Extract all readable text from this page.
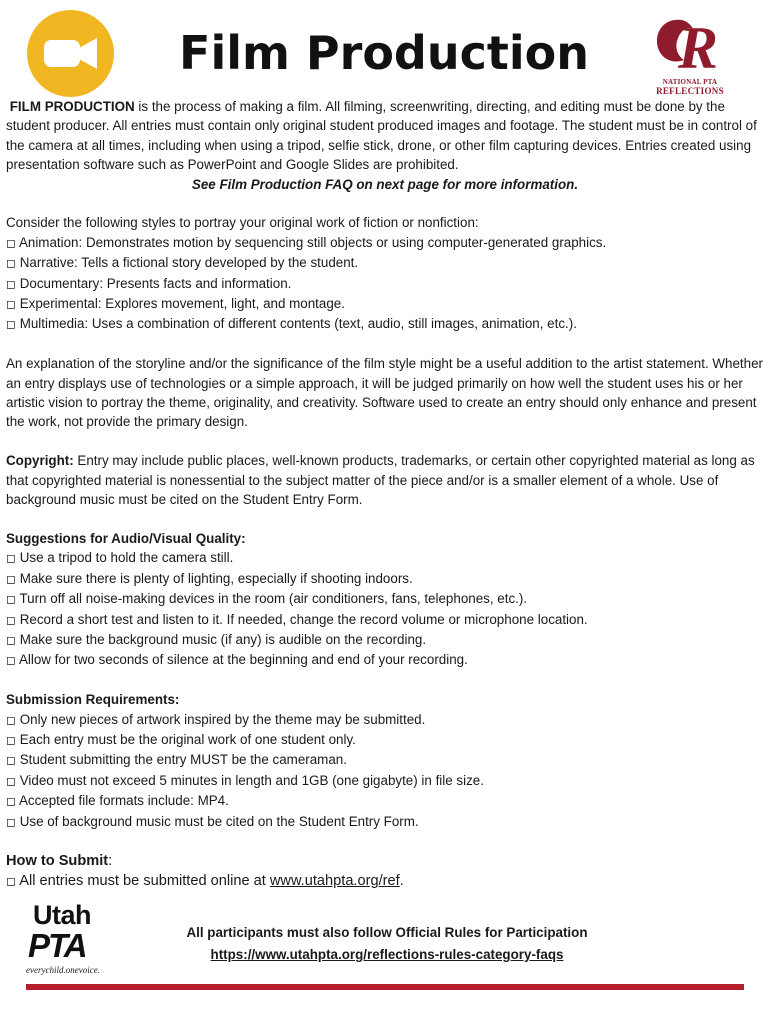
Film Production	R
NATIONAL PTA
REFLECTIONS

FILM PRODUCTION is the process of making a film. All filming, screenwriting, directing, and editing must be done by the student producer. All entries must contain only original student produced images and footage. The student must be in control of the camera at all times, including when using a tripod, selfie stick, drone, or other film capturing devices. Entries created using presentation software such as PowerPoint and Google Slides are prohibited.

See Film Production FAQ on next page for more information.

Consider the following styles to portray your original work of fiction or nonfiction:

◻ Animation: Demonstrates motion by sequencing still objects or using computer-generated graphics.

◻ Narrative: Tells a fictional story developed by the student.

◻ Documentary: Presents facts and information.

◻ Experimental: Explores movement, light, and montage.

◻ Multimedia: Uses a combination of different contents (text, audio, still images, animation, etc.).

An explanation of the storyline and/or the significance of the film style might be a useful addition to the artist statement. Whether an entry displays use of technologies or a simple approach, it will be judged primarily on how well the student uses his or her artistic vision to portray the theme, originality, and creativity. Software used to create an entry should only enhance and present the work, not provide the primary design.

Copyright: Entry may include public places, well-known products, trademarks, or certain other copyrighted material as long as that copyrighted material is nonessential to the subject matter of the piece and/or is a smaller element of a whole. Use of background music must be cited on the Student Entry Form.

Suggestions for Audio/Visual Quality:

◻ Use a tripod to hold the camera still.

◻ Make sure there is plenty of lighting, especially if shooting indoors.

◻ Turn off all noise-making devices in the room (air conditioners, fans, telephones, etc.).

◻ Record a short test and listen to it. If needed, change the record volume or microphone location.

◻ Make sure the background music (if any) is audible on the recording.

◻ Allow for two seconds of silence at the beginning and end of your recording.

Submission Requirements:

◻ Only new pieces of artwork inspired by the theme may be submitted.

◻ Each entry must be the original work of one student only.

◻ Student submitting the entry MUST be the cameraman.

◻ Video must not exceed 5 minutes in length and 1GB (one gigabyte) in file size.

◻ Accepted file formats include: MP4.

◻ Use of background music must be cited on the Student Entry Form.

How to Submit:

◻ All entries must be submitted online at www.utahpta.org/ref.

Utah
PTA
everychild.onevoice.
All participants must also follow Official Rules for Participation
https://www.utahpta.org/reflections-rules-category-faqs
